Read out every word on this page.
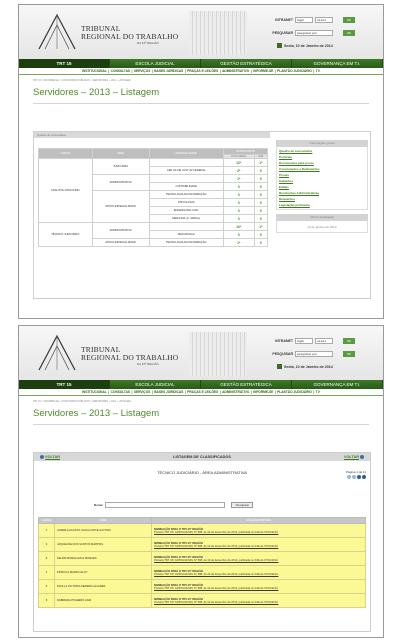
TRIBUNAL
REGIONAL DO TRABALHO
DA 15ª REGIÃO
INTRANET	login	●●●●●	OK
PESQUISAR	pesquisar por	OK
Sexta, 10 de Janeiro de 2014
TRT 15	ESCOLA JUDICIAL	GESTÃO ESTRATÉGICA	GOVERNANÇA EM T.I.
INSTITUCIONAL | CONSULTAS | SERVIÇOS | BASES JURÍDICAS | PRAÇAS E LEILÕES | ADMINISTRATIVO | INFORME-SE | PLANTÃO JUDICIÁRIO | TV
TRT 15 > INFORME-SE > CONCURSOS PÚBLICOS > SERVIDORES – 2013 – LISTAGEM
Servidores – 2013 – Listagem
Quadro de convocados
CARGO	ÁREA	ESPECIALIDADE	CONVOCADOS	
			LISTA GERAL	PNE
ANALISTA JUDICIÁRIO	JUDICIÁRIA		12ª	1ª
		CEP OF DE JUST AV FEDERAL	2ª	0
	ADMINISTRATIVA		1ª	0
		CONTABILIDADE	0	0
	APOIO ESPECIALIZADO	TECNOLOGIA DA INFORMAÇÃO	0	0
		PSICOLOGIA	0	0
		ENGENHARIA CIVIL	0	0
		MEDICINA (C. GERAL)	0	0
TÉCNICO JUDICIÁRIO	ADMINISTRATIVA		10ª	1ª
		SEGURANÇA	0	0
	APOIO ESPECIALIZADO	TECNOLOGIA DA INFORMAÇÃO	1ª	0
Informações gerais
Quadro de convocados
Portarias
Documentos para posse
Convocações e Declarações
Provas
Gabaritos
Editais
Resoluções Administrativas
Despachos
Legislação pertinente
Última atualização
10 de janeiro de 2014
TRIBUNAL
REGIONAL DO TRABALHO
DA 15ª REGIÃO
INTRANET	login	●●●●●	OK
PESQUISAR	pesquisar por	OK
Sexta, 10 de Janeiro de 2014
TRT 15	ESCOLA JUDICIAL	GESTÃO ESTRATÉGICA	GOVERNANÇA EM T.I.
INSTITUCIONAL | CONSULTAS | SERVIÇOS | BASES JURÍDICAS | PRAÇAS E LEILÕES | ADMINISTRATIVO | INFORME-SE | PLANTÃO JUDICIÁRIO | TV
TRT 15 > INFORME-SE > CONCURSOS PÚBLICOS > SERVIDORES – 2013 – LISTAGEM
Servidores – 2013 – Listagem
VOLTAR	LISTAGEM DE CLASSIFICADOS	VOLTAR
TÉCNICO JUDICIÁRIO - ÁREA ADMINISTRATIVA	Página 1 de 11
Nome:	Pesquisar
CLASSIF.	NOME	SITUAÇÃO/PORTARIA
1	ANDRE AUGUSTO CAVALCANTE GAYOSO	NOMEAÇÃO PARA O TRT-15ª REGIÃO
Portaria TRT 15ª GP/DGGS/SPe Nº 588, de 19 de dezembro de 2013, publicada no DJE de 07/01/2014.

2	JAQUELINE DOS SANTOS MARTINS	NOMEAÇÃO PARA O TRT-15ª REGIÃO
Portaria TRT 15ª GP/DGGS/SPe Nº 588, de 19 de dezembro de 2013, publicada no DJE de 07/01/2014.

3	FELIPE MORALLES E MORAES	NOMEAÇÃO PARA O TRT-15ª REGIÃO
Portaria TRT 15ª GP/DGGS/SPe Nº 588, de 19 de dezembro de 2013, publicada no DJE de 07/01/2014.

4	PRISCILA MARKO ELOY	NOMEAÇÃO PARA O TRT-15ª REGIÃO
Portaria TRT 15ª GP/DGGS/SPe Nº 588, de 19 de dezembro de 2013, publicada no DJE de 07/01/2014.

5	PAOLLA VICTORIA PEREIRA ALVARES	NOMEAÇÃO PARA O TRT-15ª REGIÃO
Portaria TRT 15ª GP/DGGS/SPe Nº 588, de 19 de dezembro de 2013, publicada no DJE de 07/01/2014.

6	DABRIENA PINHEIRO LIMA	NOMEAÇÃO PARA O TRT-15ª REGIÃO
Portaria TRT 15ª GP/DGGS/SPe Nº 588, de 19 de dezembro de 2013, publicada no DJE de 07/01/2014.
